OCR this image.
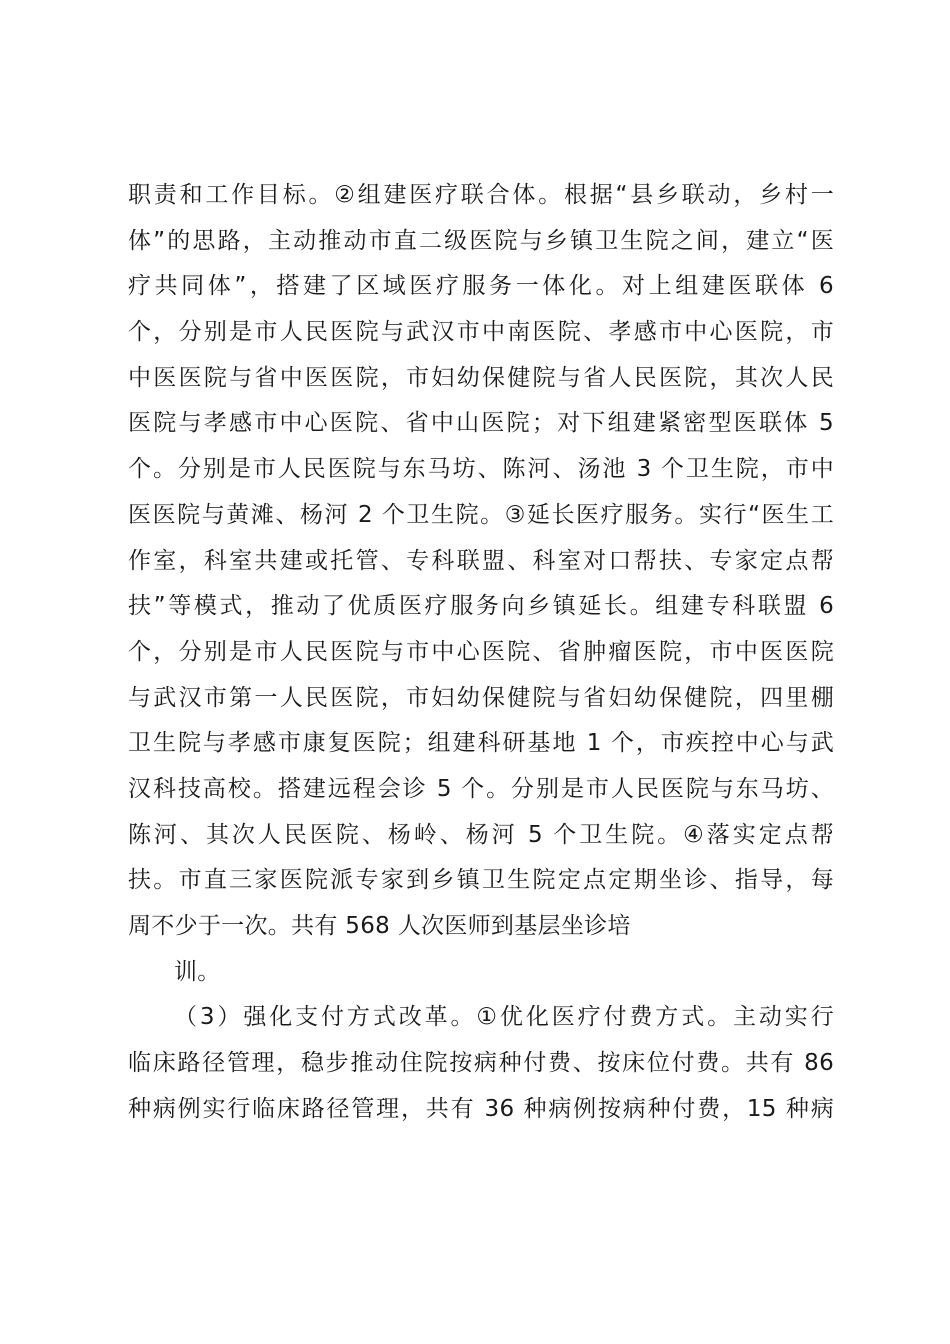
职责和工作目标。②组建医疗联合体。根据“县乡联动，乡村一
体”的思路，主动推动市直二级医院与乡镇卫生院之间，建立“医
疗共同体”，搭建了区域医疗服务一体化。对上组建医联体 6
个，分别是市人民医院与武汉市中南医院、孝感市中心医院，市
中医医院与省中医医院，市妇幼保健院与省人民医院，其次人民
医院与孝感市中心医院、省中山医院；对下组建紧密型医联体 5
个。分别是市人民医院与东马坊、陈河、汤池 3 个卫生院，市中
医医院与黄滩、杨河 2 个卫生院。③延长医疗服务。实行“医生工
作室，科室共建或托管、专科联盟、科室对口帮扶、专家定点帮
扶”等模式，推动了优质医疗服务向乡镇延长。组建专科联盟 6
个，分别是市人民医院与市中心医院、省肿瘤医院，市中医医院
与武汉市第一人民医院，市妇幼保健院与省妇幼保健院，四里棚
卫生院与孝感市康复医院；组建科研基地 1 个，市疾控中心与武
汉科技高校。搭建远程会诊 5 个。分别是市人民医院与东马坊、
陈河、其次人民医院、杨岭、杨河 5 个卫生院。④落实定点帮
扶。市直三家医院派专家到乡镇卫生院定点定期坐诊、指导，每
周不少于一次。共有 568 人次医师到基层坐诊培
训。
（3）强化支付方式改革。①优化医疗付费方式。主动实行
临床路径管理，稳步推动住院按病种付费、按床位付费。共有 86
种病例实行临床路径管理，共有 36 种病例按病种付费，15 种病
